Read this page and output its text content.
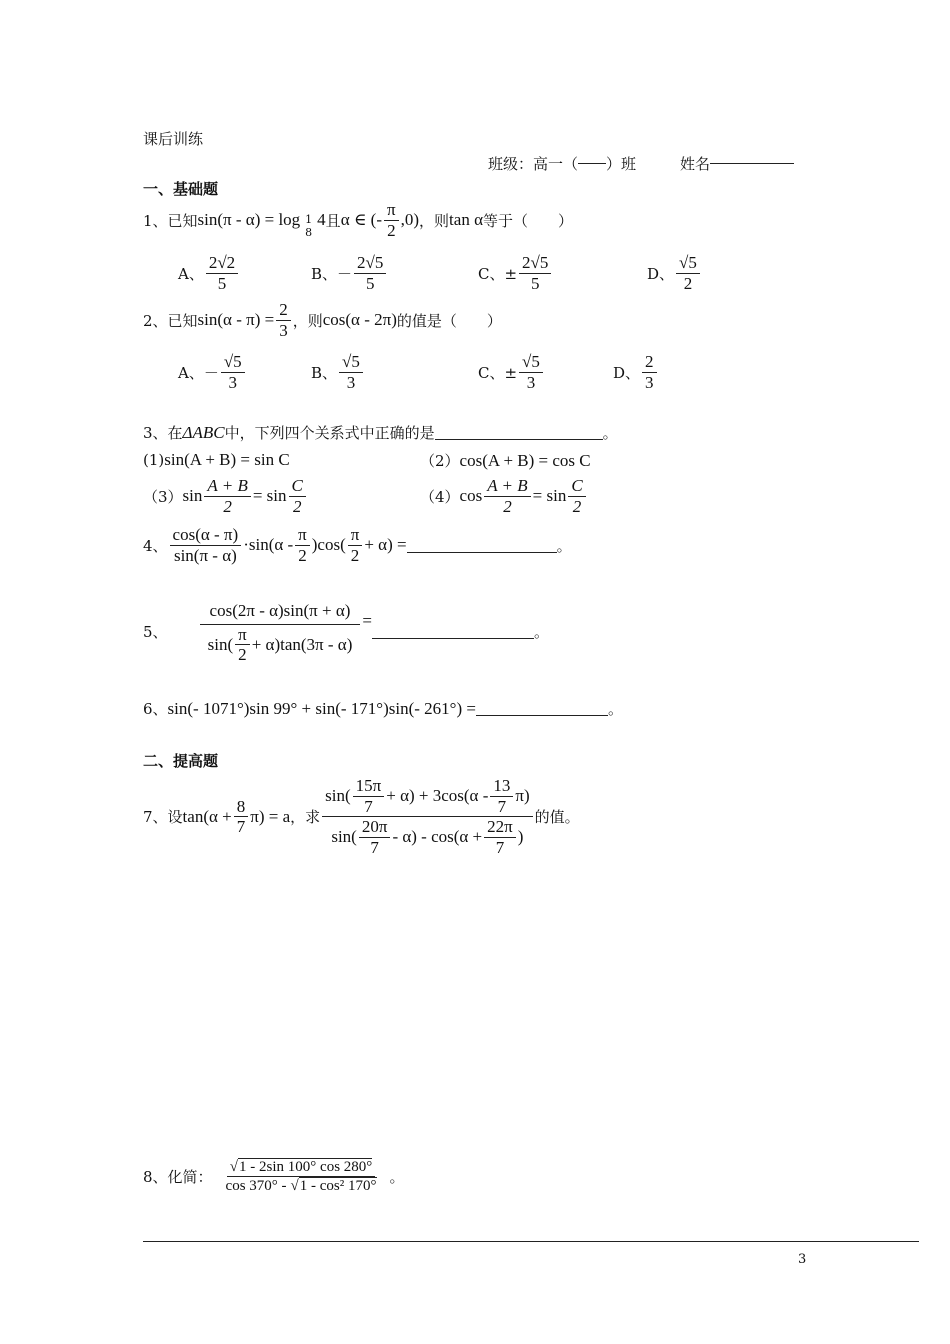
课后训练
班级：高一（ ）班	姓名
一、基础题
1、已知 sin(π - α) = log 1
8
4 且 α ∈ (- $\frac{\pi}{2} ,0$) ，则 tan α 等于（　　）
A、 $\frac{2√2}{5}$	B、－ $\frac{2√5}{5}$	C、± $\frac{2√5}{5}$	D、 $\frac{√5}{2}$
2、已知 $\sin(\alpha - \pi) = \frac{2}{3}$ ，则 cos(α - 2π) 的值是（　　）
A、－ $\frac{√5}{3}$	B、 $\frac{√5}{3}$	C、± $\frac{√5}{3}$	D、 $\frac{2}{3}$
3、在 ΔABC 中，下列四个关系式中正确的是	。
(1) sin(A + B) = sin C	（2） cos(A + B) = cos C
（3） $\sin \frac{A + B}{2} = \sin \frac{C}{2}$	（4） $\cos \frac{A + B}{2} = \sin \frac{C}{2}$
4、 $\frac{\cos(\alpha - \pi)}{\sin(\pi - \alpha)} \cdot\sin(\alpha - \frac{\pi}{2} )\cos( \frac{\pi}{2} + \alpha)$ =	。
5、 $\frac{\cos(2\pi - \alpha)\sin(\pi + \alpha)}{\sin( \frac{\pi}{2} + \alpha)\tan(3\pi - \alpha)}$ =
。
6、 sin(- 1071°)sin 99° + sin(- 171°)sin(- 261°) =	。
二、提高题
7、设 $\tan(\alpha + \frac{8}{7} \pi) = a$ ，求 $\frac{\sin( \frac{15\pi}{7} + \alpha) + 3\cos(\alpha - \frac{13}{7} \pi)}{\sin( \frac{20\pi}{7} - \alpha) - \cos(\alpha + \frac{22\pi}{7} )}$ 的值。
8、化简： $\frac{√ 1 - 2\sin 100^\circ \cos 280^\circ}{\text{cos 370° - √ 1 - cos² 170°}}$ 。
3
